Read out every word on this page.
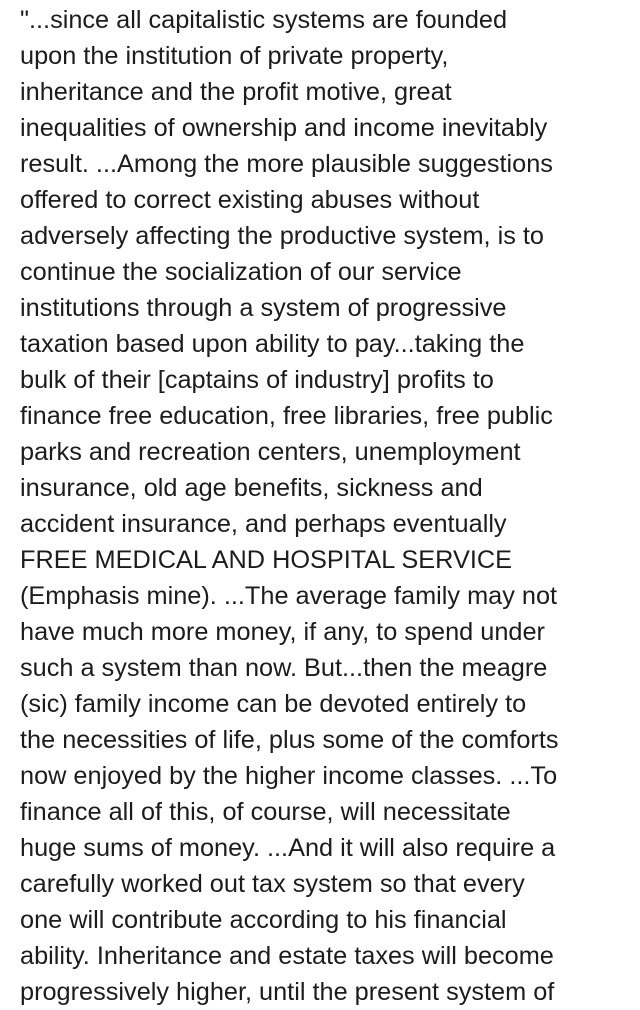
"...since all capitalistic systems are founded
upon the institution of private property,
inheritance and the profit motive, great
inequalities of ownership and income inevitably
result. ...Among the more plausible suggestions
offered to correct existing abuses without
adversely affecting the productive system, is to
continue the socialization of our service
institutions through a system of progressive
taxation based upon ability to pay...taking the
bulk of their [captains of industry] profits to
finance free education, free libraries, free public
parks and recreation centers, unemployment
insurance, old age benefits, sickness and
accident insurance, and perhaps eventually
FREE MEDICAL AND HOSPITAL SERVICE
(Emphasis mine). ...The average family may not
have much more money, if any, to spend under
such a system than now. But...then the meagre
(sic) family income can be devoted entirely to
the necessities of life, plus some of the comforts
now enjoyed by the higher income classes. ...To
finance all of this, of course, will necessitate
huge sums of money. ...And it will also require a
carefully worked out tax system so that every
one will contribute according to his financial
ability. Inheritance and estate taxes will become
progressively higher, until the present system of
